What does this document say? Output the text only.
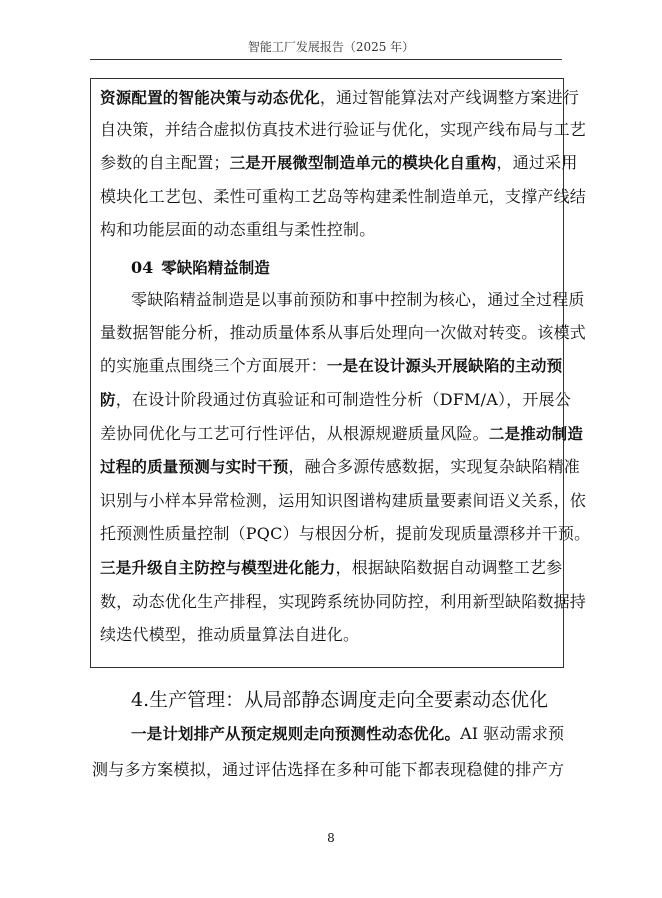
智能工厂发展报告（2025 年）
资源配置的智能决策与动态优化，通过智能算法对产线调整方案进行
自决策，并结合虚拟仿真技术进行验证与优化，实现产线布局与工艺
参数的自主配置；三是开展微型制造单元的模块化自重构，通过采用
模块化工艺包、柔性可重构工艺岛等构建柔性制造单元，支撑产线结
构和功能层面的动态重组与柔性控制。
04 零缺陷精益制造
零缺陷精益制造是以事前预防和事中控制为核心，通过全过程质
量数据智能分析，推动质量体系从事后处理向一次做对转变。该模式
的实施重点围绕三个方面展开：一是在设计源头开展缺陷的主动预
防，在设计阶段通过仿真验证和可制造性分析（DFM/A），开展公
差协同优化与工艺可行性评估，从根源规避质量风险。二是推动制造
过程的质量预测与实时干预，融合多源传感数据，实现复杂缺陷精准
识别与小样本异常检测，运用知识图谱构建质量要素间语义关系，依
托预测性质量控制（PQC）与根因分析，提前发现质量漂移并干预。
三是升级自主防控与模型进化能力，根据缺陷数据自动调整工艺参
数，动态优化生产排程，实现跨系统协同防控，利用新型缺陷数据持
续迭代模型，推动质量算法自进化。
4.生产管理：从局部静态调度走向全要素动态优化
一是计划排产从预定规则走向预测性动态优化。AI 驱动需求预
测与多方案模拟，通过评估选择在多种可能下都表现稳健的排产方
8
